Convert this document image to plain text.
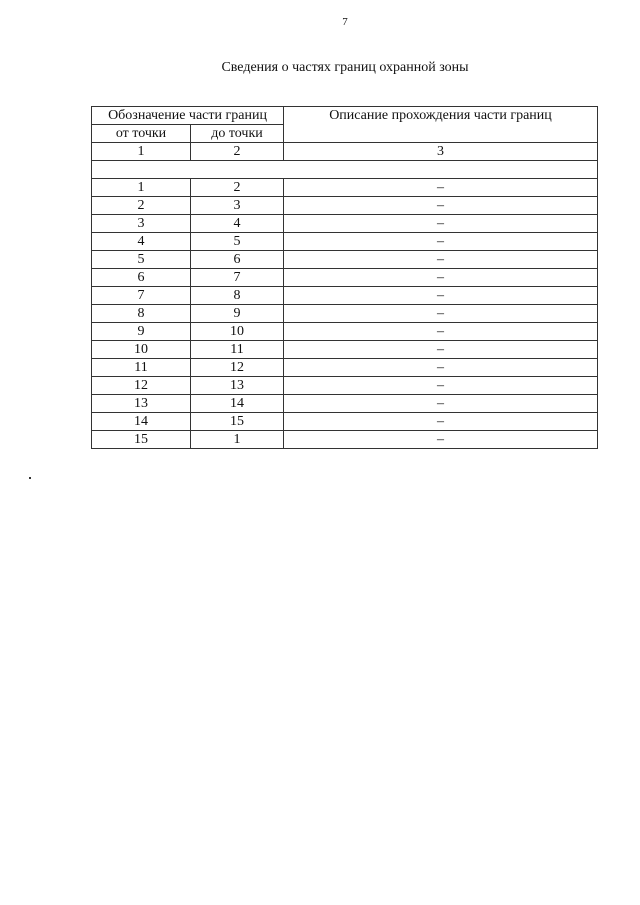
7
Сведения о частях границ охранной зоны
Обозначение части границ		Описание прохождения части границ
от точки	до точки	
1	2	3

1	2	–
2	3	–
3	4	–
4	5	–
5	6	–
6	7	–
7	8	–
8	9	–
9	10	–
10	11	–
11	12	–
12	13	–
13	14	–
14	15	–
15	1	–
